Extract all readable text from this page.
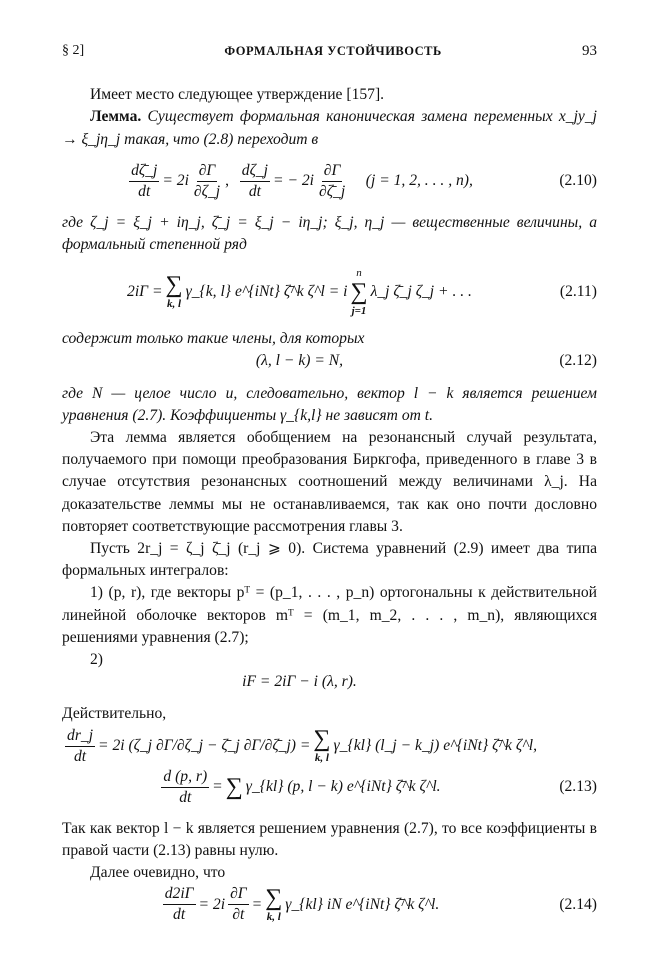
§ 2]	ФОРМАЛЬНАЯ УСТОЙЧИВОСТЬ	93

Имеет место следующее утверждение [157].

Лемма. Существует формальная каноническая замена переменных x_jy_j → ξ_jη_j такая, что (2.8) переходит в

$\frac{d\zetā\_j}{dt} = 2i \frac{\partial\Gamma}{\partial\zeta\_j}$ , $\frac{d\zeta\_j}{dt}$ = − $2i \frac{\partial\Gamma}{\partial\zetā\_j}$
(j = 1, 2, . . . , n),	(2.10)

где ζ_j = ξ_j + iη_j, ζ̄_j = ξ_j − iη_j; ξ_j, η_j — вещественные величины, а формальный степенной ряд

2iΓ = ∑
k, l
γ_{k, l} e^{iNt} ζ̄^k ζ^l = i
n
∑
j=1
λ_j ζ̄_j ζ_j + . . .	(2.11)

содержит только такие члены, для которых

(λ, l − k) = N,	(2.12)

где N — целое число и, следовательно, вектор l − k является решением уравнения (2.7). Коэффициенты γ_{k,l} не зависят от t.

Эта лемма является обобщением на резонансный случай результата, получаемого при помощи преобразования Биркгофа, приведенного в главе 3 в случае отсутствия резонансных соотношений между величинами λ_j. На доказательстве леммы мы не останавливаемся, так как оно почти дословно повторяет соответствующие рассмотрения главы 3.

Пусть 2r_j = ζ_j ζ̄_j (r_j ⩾ 0). Система уравнений (2.9) имеет два типа формальных интегралов:

1) (p, r), где векторы pᵀ = (p_1, . . . , p_n) ортогональны к действительной линейной оболочке векторов mᵀ = (m_1, m_2, . . . , m_n), являющихся решениями уравнения (2.7);

2)

iF = 2iΓ − i (λ, r).

Действительно,

$\frac{dr\_j}{dt} = 2i$ (ζ_j ∂Γ/∂ζ_j − ζ̄_j ∂Γ/∂ζ̄_j) = ∑
k, l
γ_{kl} (l_j − k_j) e^{iNt} ζ̄^k ζ^l,
$\frac{d (p, r)}{dt}$ = ∑ γ_{kl} (p, l − k) e^{iNt} ζ̄^k ζ^l.	(2.13)

Так как вектор l − k является решением уравнения (2.7), то все коэффициенты в правой части (2.13) равны нулю.

Далее очевидно, что

$\frac{d2i\Gamma}{dt} = 2i \frac{\partial\Gamma}{\partial t}$ = ∑
k, l
γ_{kl} iN e^{iNt} ζ̄^k ζ^l.	(2.14)
